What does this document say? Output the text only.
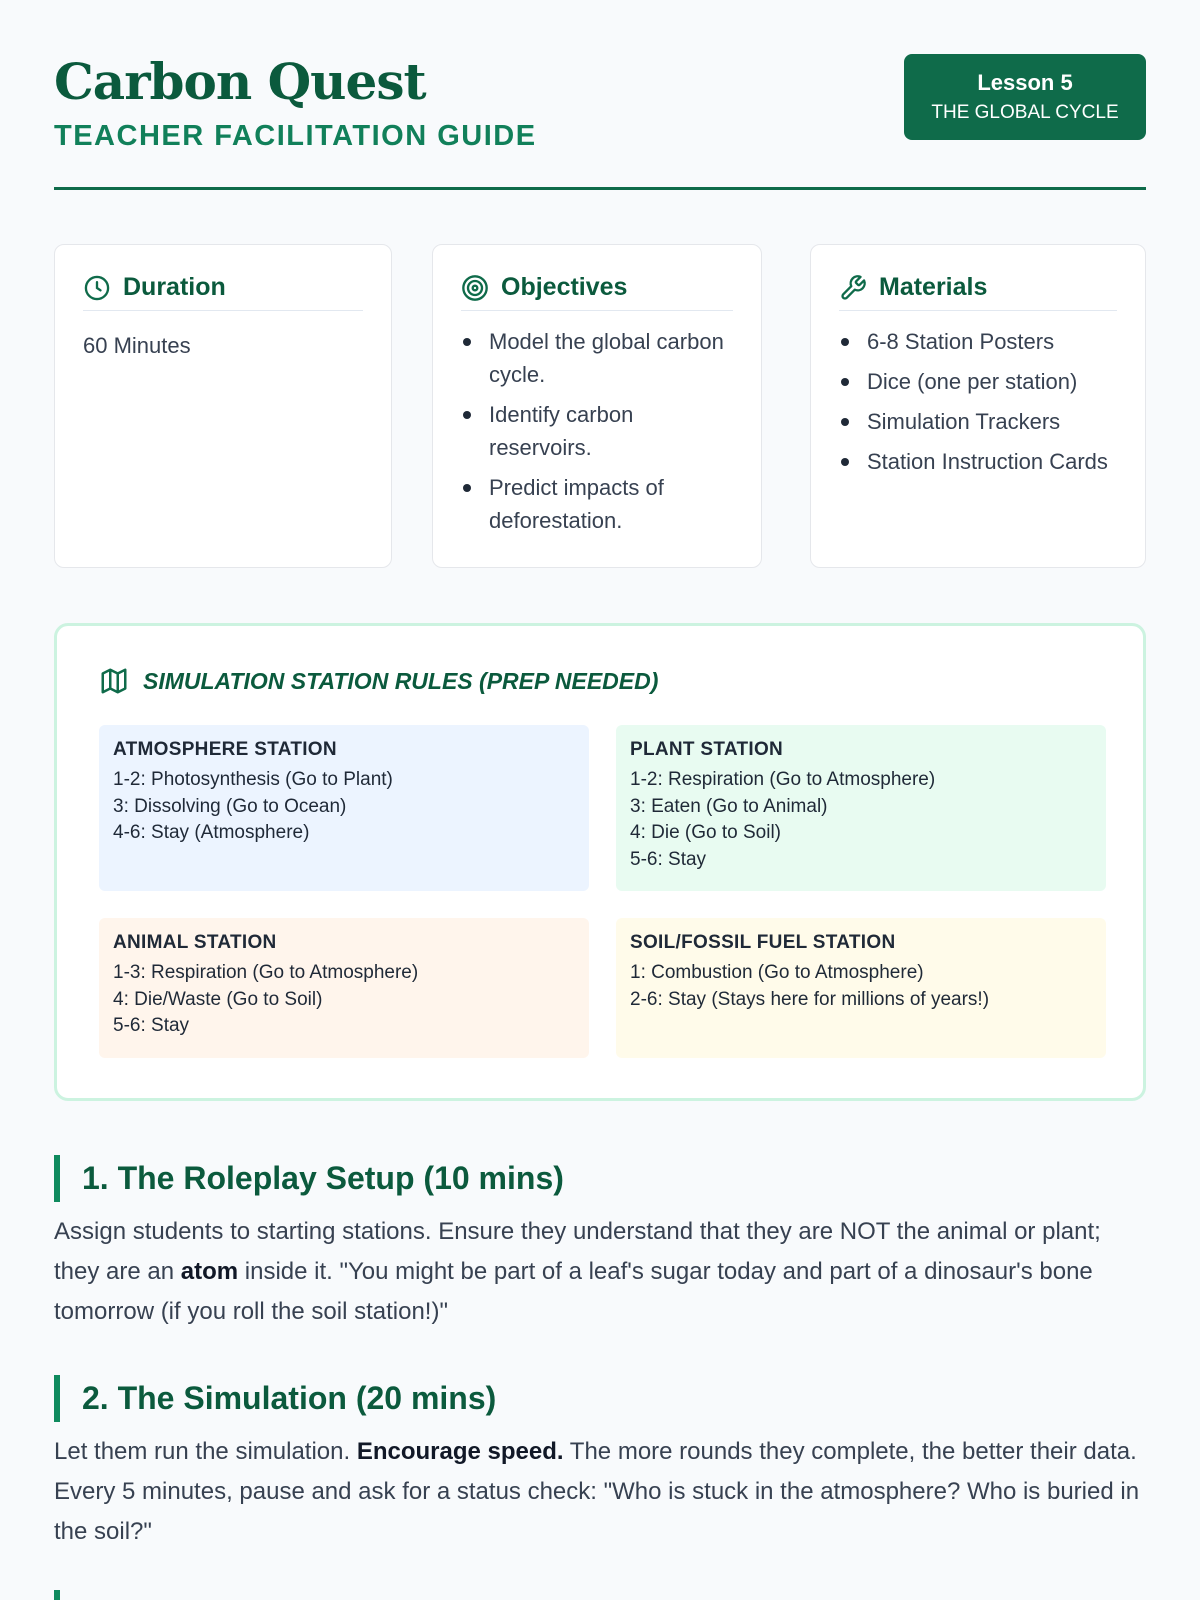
Carbon Quest
TEACHER FACILITATION GUIDE
Lesson 5
THE GLOBAL CYCLE
Duration
60 Minutes
Objectives
Model the global carbon cycle.
Identify carbon reservoirs.
Predict impacts of deforestation.
Materials
6-8 Station Posters
Dice (one per station)
Simulation Trackers
Station Instruction Cards
SIMULATION STATION RULES (PREP NEEDED)
ATMOSPHERE STATION
1-2: Photosynthesis (Go to Plant)
3: Dissolving (Go to Ocean)
4-6: Stay (Atmosphere)
PLANT STATION
1-2: Respiration (Go to Atmosphere)
3: Eaten (Go to Animal)
4: Die (Go to Soil)
5-6: Stay
ANIMAL STATION
1-3: Respiration (Go to Atmosphere)
4: Die/Waste (Go to Soil)
5-6: Stay
SOIL/FOSSIL FUEL STATION
1: Combustion (Go to Atmosphere)
2-6: Stay (Stays here for millions of years!)
1. The Roleplay Setup (10 mins)

Assign students to starting stations. Ensure they understand that they are NOT the animal or plant; they are an atom inside it. "You might be part of a leaf's sugar today and part of a dinosaur's bone tomorrow (if you roll the soil station!)"

2. The Simulation (20 mins)

Let them run the simulation. Encourage speed. The more rounds they complete, the better their data. Every 5 minutes, pause and ask for a status check: "Who is stuck in the atmosphere? Who is buried in the soil?"
